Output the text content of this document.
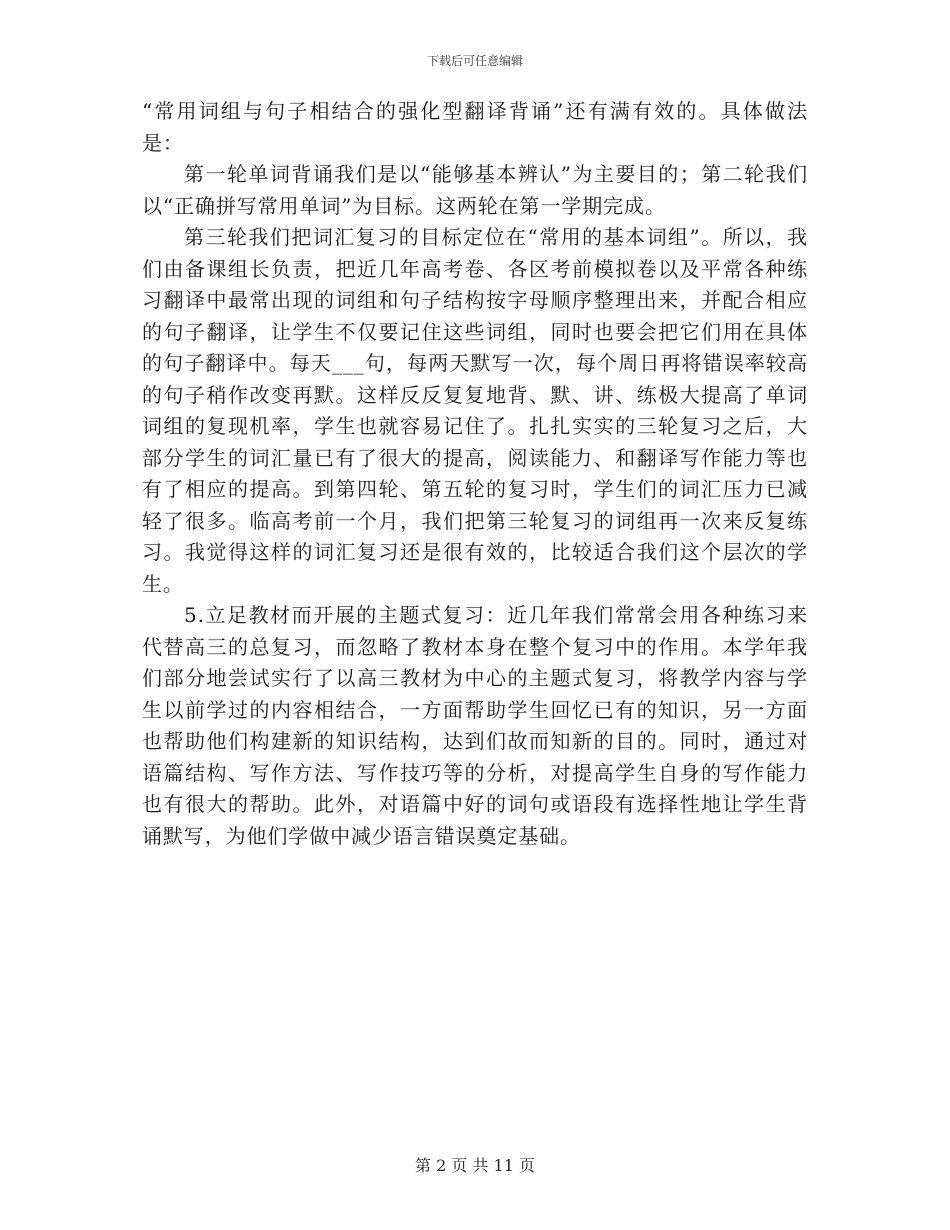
下载后可任意编辑

“常用词组与句子相结合的强化型翻译背诵”还有满有效的。具体做法是：

第一轮单词背诵我们是以“能够基本辨认”为主要目的；第二轮我们以“正确拼写常用单词”为目标。这两轮在第一学期完成。

第三轮我们把词汇复习的目标定位在“常用的基本词组”。所以，我们由备课组长负责，把近几年高考卷、各区考前模拟卷以及平常各种练习翻译中最常出现的词组和句子结构按字母顺序整理出来，并配合相应的句子翻译，让学生不仅要记住这些词组，同时也要会把它们用在具体的句子翻译中。每天___句，每两天默写一次，每个周日再将错误率较高的句子稍作改变再默。这样反反复复地背、默、讲、练极大提高了单词词组的复现机率，学生也就容易记住了。扎扎实实的三轮复习之后，大部分学生的词汇量已有了很大的提高，阅读能力、和翻译写作能力等也有了相应的提高。到第四轮、第五轮的复习时，学生们的词汇压力已减轻了很多。临高考前一个月，我们把第三轮复习的词组再一次来反复练习。我觉得这样的词汇复习还是很有效的，比较适合我们这个层次的学生。

5.立足教材而开展的主题式复习：近几年我们常常会用各种练习来代替高三的总复习，而忽略了教材本身在整个复习中的作用。本学年我们部分地尝试实行了以高三教材为中心的主题式复习，将教学内容与学生以前学过的内容相结合，一方面帮助学生回忆已有的知识，另一方面也帮助他们构建新的知识结构，达到们故而知新的目的。同时，通过对语篇结构、写作方法、写作技巧等的分析，对提高学生自身的写作能力也有很大的帮助。此外，对语篇中好的词句或语段有选择性地让学生背诵默写，为他们学做中减少语言错误奠定基础。

第 2 页 共 11 页
